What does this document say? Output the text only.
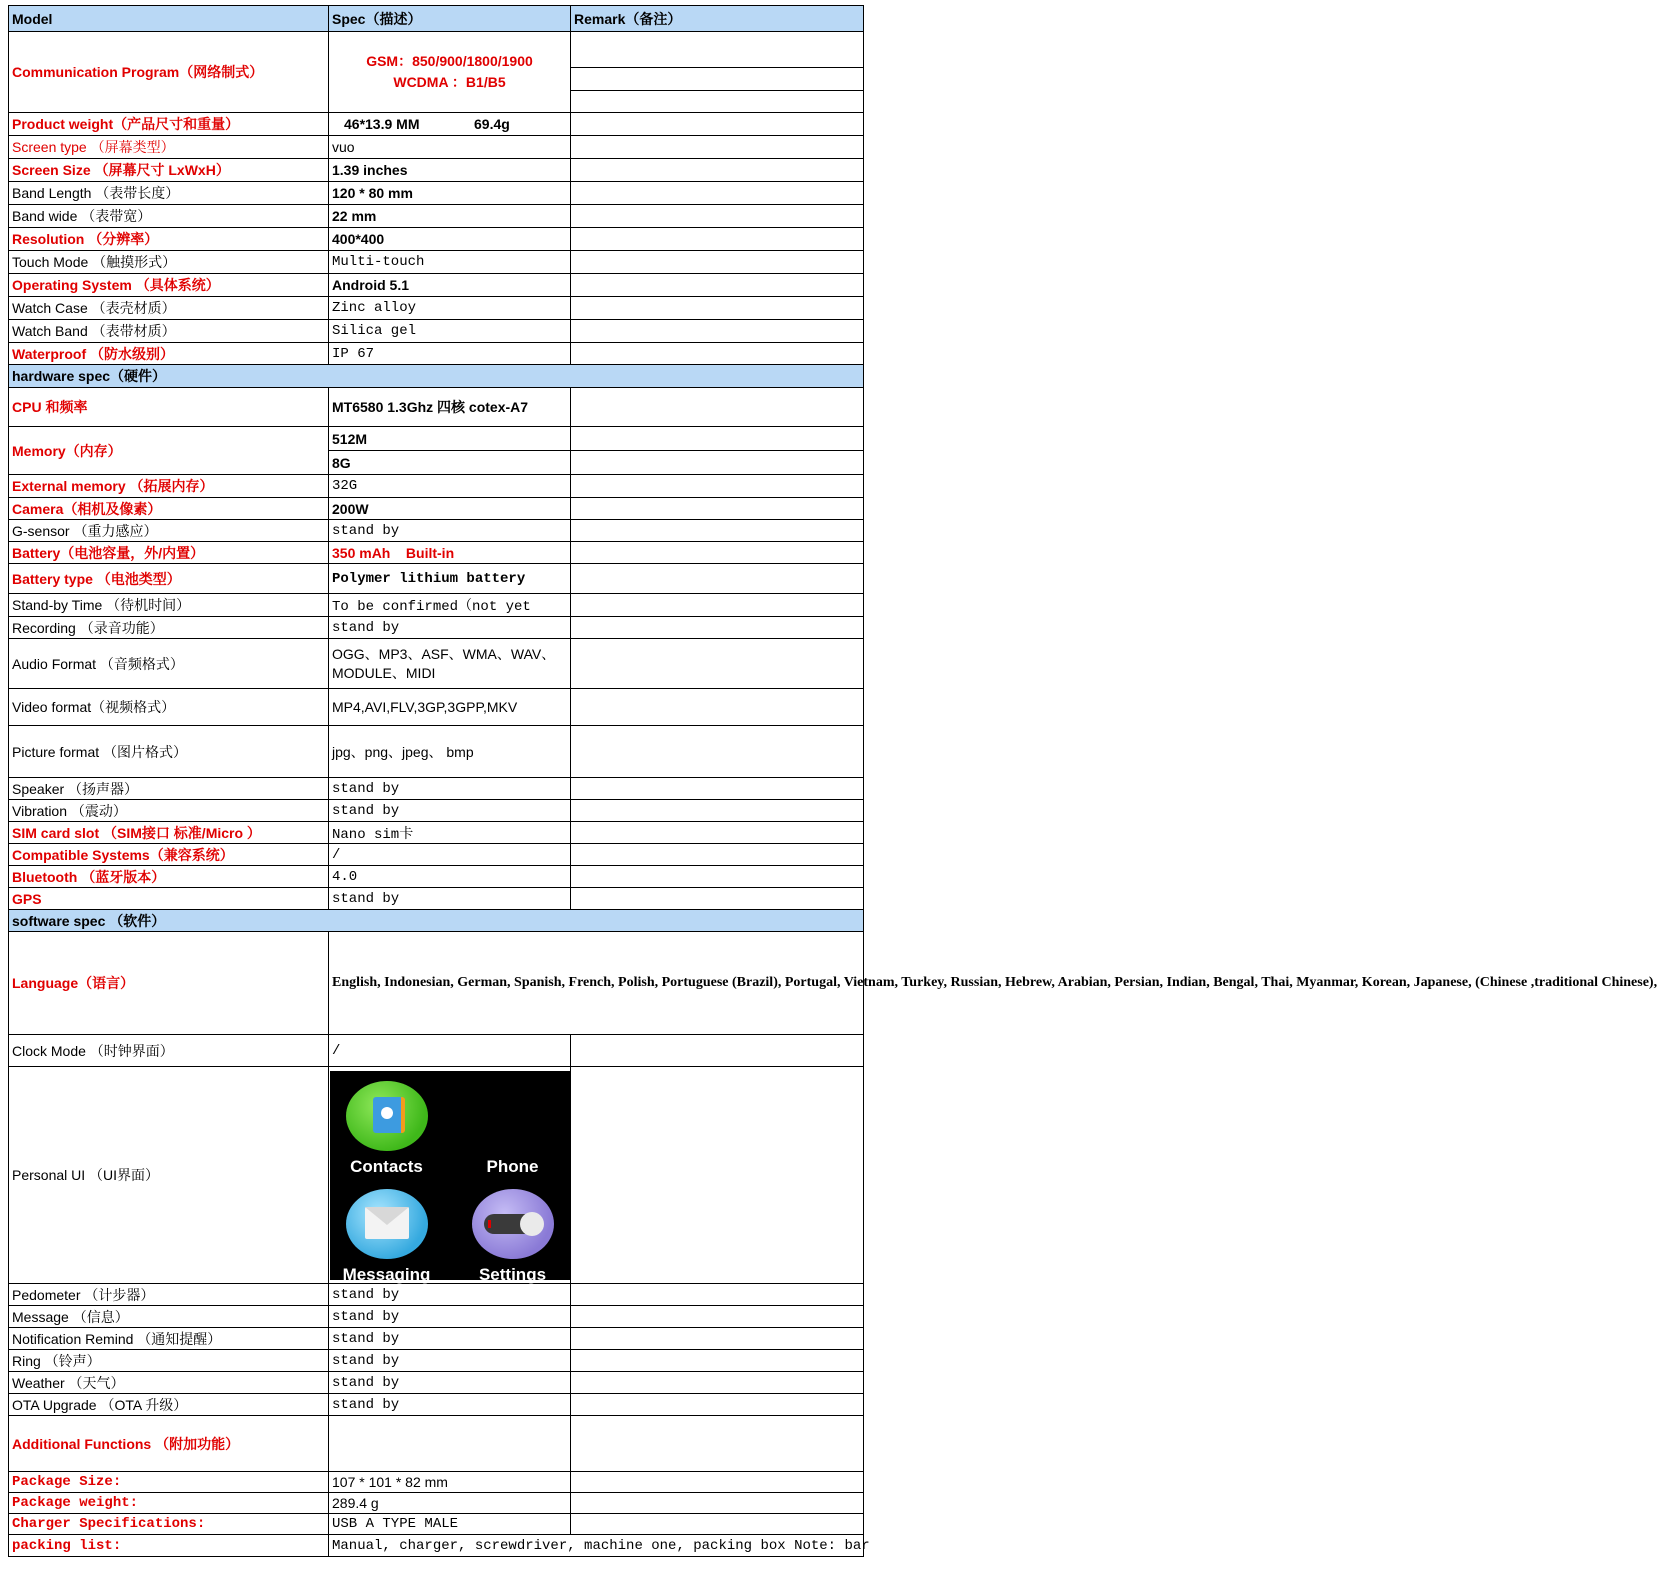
Model	Spec（描述）	Remark（备注）
Communication Program（网络制式）	GSM：850/900/1800/1900
WCDMA ：B1/B5	

Product weight（产品尺寸和重量）	46*13.9 MM 69.4g	
Screen type （屏幕类型）	vuo	
Screen Size （屏幕尺寸 LxWxH）	1.39 inches	
Band Length （表带长度）	120 * 80 mm	
Band wide （表带宽）	22 mm	
Resolution （分辨率）	400*400	
Touch Mode （触摸形式）	Multi-touch	
Operating System （具体系统）	Android 5.1	
Watch Case （表壳材质）	Zinc alloy	
Watch Band （表带材质）	Silica gel	
Waterproof （防水级别）	IP 67	
hardware spec（硬件）		
CPU 和频率	MT6580 1.3Ghz 四核 cotex-A7	
Memory（内存）	512M	
	8G	
External memory （拓展内存）	32G	
Camera（相机及像素）	200W	
G-sensor （重力感应）	stand by	
Battery（电池容量，外/内置）	350 mAh    Built-in	
Battery type （电池类型）	Polymer lithium battery	
Stand-by Time （待机时间）	To be confirmed（not yet	
Recording （录音功能）	stand by	
Audio Format （音频格式）	OGG、MP3、ASF、WMA、WAV、
MODULE、MIDI	

Video format（视频格式）	MP4,AVI,FLV,3GP,3GPP,MKV	
Picture format （图片格式）	jpg、png、jpeg、 bmp	
Speaker （扬声器）	stand by	
Vibration （震动）	stand by	
SIM card slot （SIM接口 标准/Micro ）	Nano sim卡	
Compatible Systems（兼容系统）	/	
Bluetooth （蓝牙版本）	4.0	
GPS	stand by	
software spec （软件）		
Language（语言）	English, Indonesian, German, Spanish, French, Polish, Portuguese (Brazil), Portugal, Vietnam, Turkey, Russian, Hebrew, Arabian, Persian, Indian, Bengal, Thai, Myanmar, Korean, Japanese, (Chinese ,traditional Chinese),	
Clock Mode （时钟界面）	/	
Personal UI （UI界面）	Contacts Phone
Messaging Settings	

Pedometer （计步器）	stand by	
Message （信息）	stand by	
Notification Remind （通知提醒）	stand by	
Ring （铃声）	stand by	
Weather （天气）	stand by	
OTA Upgrade （OTA 升级）	stand by	
Additional Functions （附加功能）		
Package Size:	107 * 101 * 82 mm	
Package weight:	289.4 g	
Charger Specifications:	USB A TYPE MALE	
packing list:	Manual, charger, screwdriver, machine one, packing box Note: bar	
